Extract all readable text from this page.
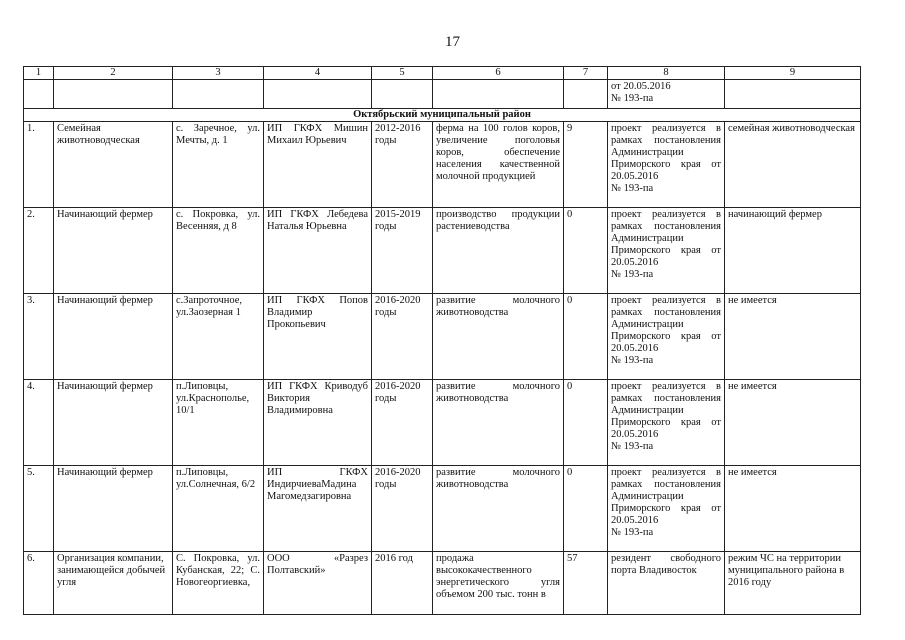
17
1	2	3	4	5	6	7	8	9
							от 20.05.2016
№ 193-па	
Октябрьский муниципальный район								
1.	Семейная животноводческая	с. Заречное, ул. Мечты, д. 1	ИП ГКФХ Мишин Михаил Юрьевич	2012-2016 годы	ферма на 100 голов коров, увеличение поголовья коров, обеспечение населения качественной молочной продукцией	9	проект реализуется в рамках постановления Администрации Приморского края от 20.05.2016
№ 193-па	семейная животноводческая
2.	Начинающий фермер	с. Покровка, ул. Весенняя, д 8	ИП ГКФХ Лебедева Наталья Юрьевна	2015-2019 годы	производство продукции растениеводства	0	проект реализуется в рамках постановления Администрации Приморского края от 20.05.2016
№ 193-па	начинающий фермер
3.	Начинающий фермер	с.Запроточное, ул.Заозерная 1	ИП ГКФХ Попов Владимир Прокопьевич	2016-2020 годы	развитие молочного животноводства	0	проект реализуется в рамках постановления Администрации Приморского края от 20.05.2016
№ 193-па	не имеется
4.	Начинающий фермер	п.Липовцы, ул.Краснополье, 10/1	ИП ГКФХ Криводуб Виктория Владимировна	2016-2020 годы	развитие молочного животноводства	0	проект реализуется в рамках постановления Администрации Приморского края от 20.05.2016
№ 193-па	не имеется
5.	Начинающий фермер	п.Липовцы, ул.Солнечная, 6/2	ИП ГКФХ ИндирчиеваМадина Магомедзагировна	2016-2020 годы	развитие молочного животноводства	0	проект реализуется в рамках постановления Администрации Приморского края от 20.05.2016
№ 193-па	не имеется
6.	Организация компании, занимающейся добычей угля	С. Покровка, ул. Кубанская, 22; С. Новогеоргиевка,	ООО «Разрез Полтавский»	2016 год	продажа высококачественного энергетического угля объемом 200 тыс. тонн в	57	резидент свободного порта Владивосток	режим ЧС на территории муниципального района в 2016 году
